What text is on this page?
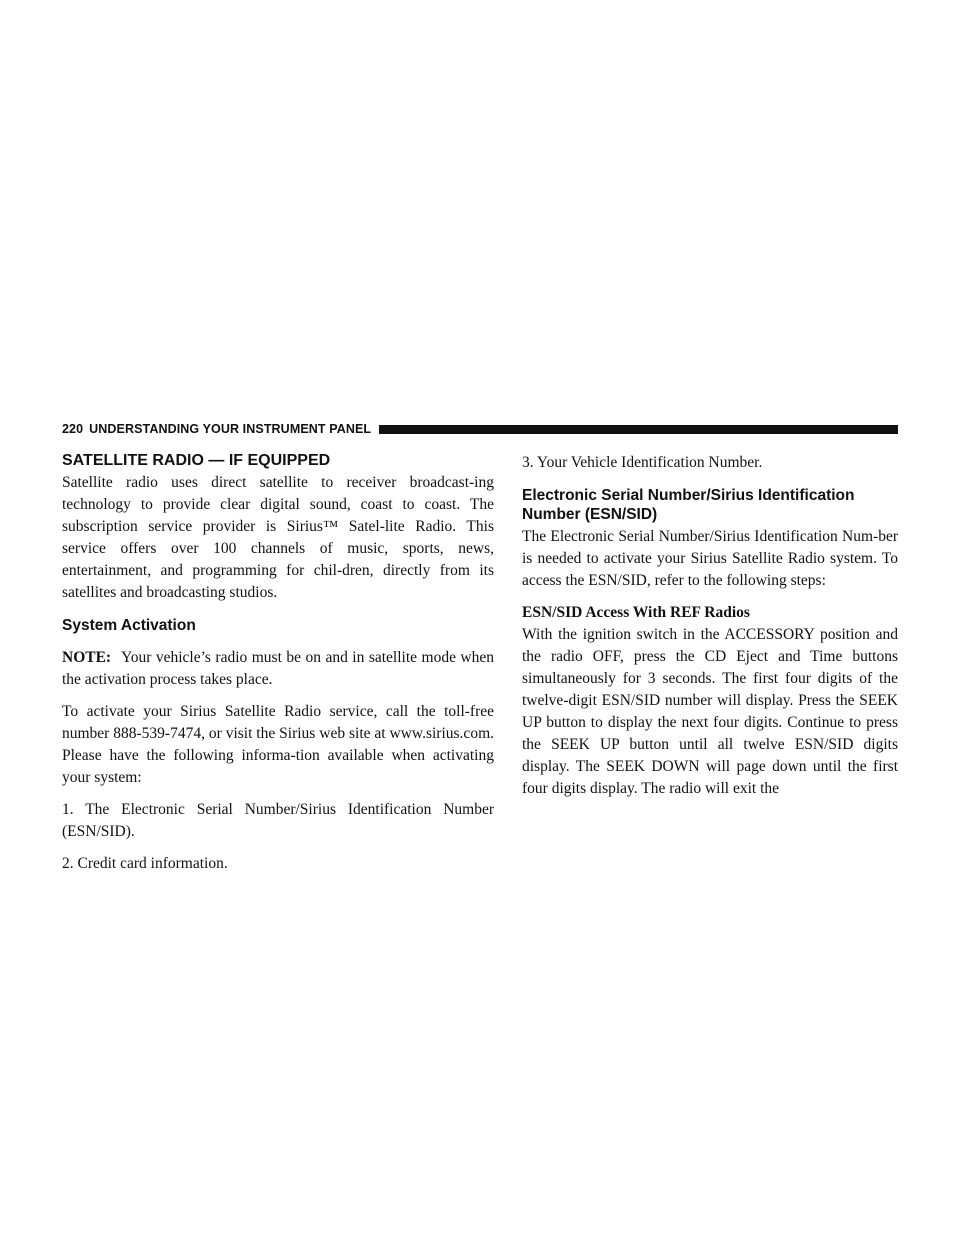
220 UNDERSTANDING YOUR INSTRUMENT PANEL
SATELLITE RADIO — IF EQUIPPED

Satellite radio uses direct satellite to receiver broadcast-ing technology to provide clear digital sound, coast to coast. The subscription service provider is Sirius™ Satel-lite Radio. This service offers over 100 channels of music, sports, news, entertainment, and programming for chil-dren, directly from its satellites and broadcasting studios.

System Activation

NOTE: Your vehicle’s radio must be on and in satellite mode when the activation process takes place.

To activate your Sirius Satellite Radio service, call the toll-free number 888-539-7474, or visit the Sirius web site at www.sirius.com. Please have the following informa-tion available when activating your system:

1. The Electronic Serial Number/Sirius Identification Number (ESN/SID).

2. Credit card information.

3. Your Vehicle Identification Number.

Electronic Serial Number/Sirius Identification Number (ESN/SID)

The Electronic Serial Number/Sirius Identification Num-ber is needed to activate your Sirius Satellite Radio system. To access the ESN/SID, refer to the following steps:

ESN/SID Access With REF Radios

With the ignition switch in the ACCESSORY position and the radio OFF, press the CD Eject and Time buttons simultaneously for 3 seconds. The first four digits of the twelve-digit ESN/SID number will display. Press the SEEK UP button to display the next four digits. Continue to press the SEEK UP button until all twelve ESN/SID digits display. The SEEK DOWN will page down until the first four digits display. The radio will exit the
